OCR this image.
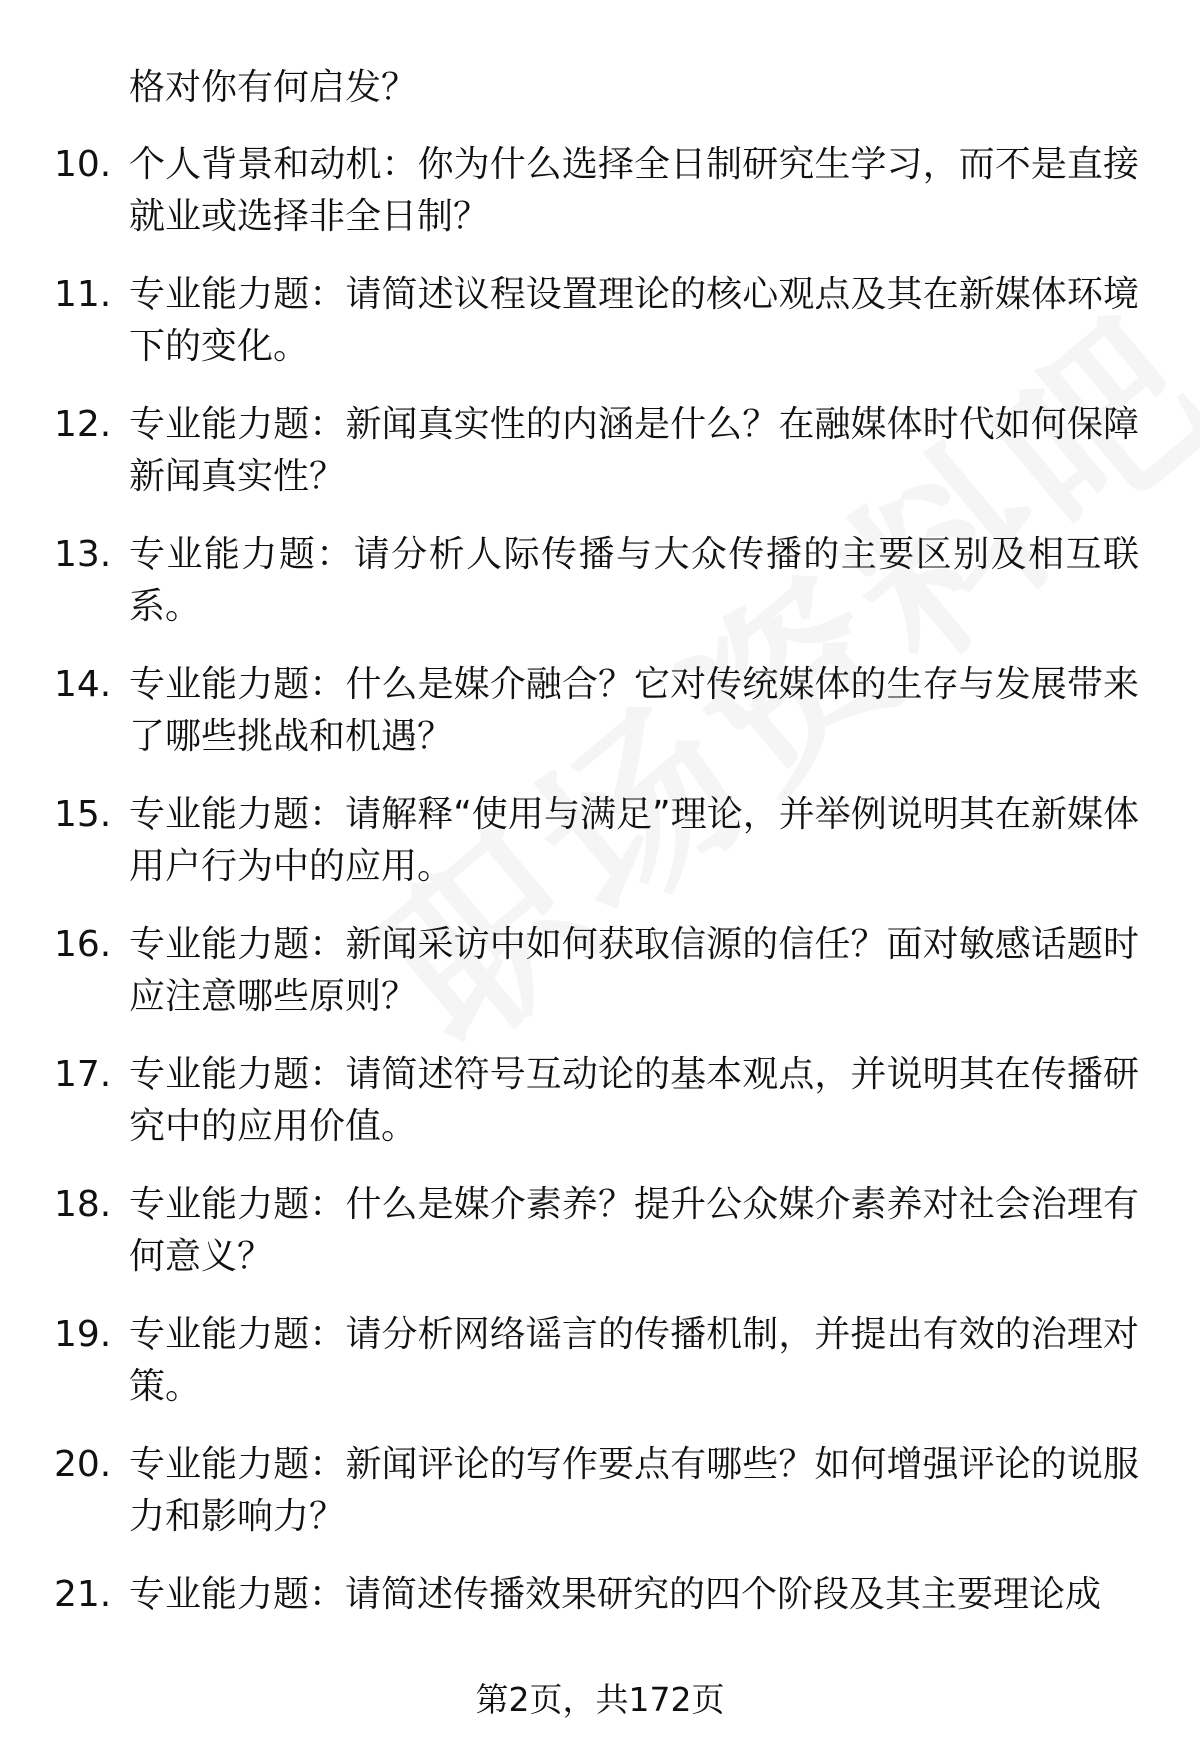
格对你有何启发？
10. 个人背景和动机：你为什么选择全日制研究生学习，而不是直接就业或选择非全日制？
11. 专业能力题：请简述议程设置理论的核心观点及其在新媒体环境下的变化。
12. 专业能力题：新闻真实性的内涵是什么？在融媒体时代如何保障新闻真实性？
13. 专业能力题：请分析人际传播与大众传播的主要区别及相互联系。
14. 专业能力题：什么是媒介融合？它对传统媒体的生存与发展带来了哪些挑战和机遇？
15. 专业能力题：请解释“使用与满足”理论，并举例说明其在新媒体用户行为中的应用。
16. 专业能力题：新闻采访中如何获取信源的信任？面对敏感话题时应注意哪些原则？
17. 专业能力题：请简述符号互动论的基本观点，并说明其在传播研究中的应用价值。
18. 专业能力题：什么是媒介素养？提升公众媒介素养对社会治理有何意义？
19. 专业能力题：请分析网络谣言的传播机制，并提出有效的治理对策。
20. 专业能力题：新闻评论的写作要点有哪些？如何增强评论的说服力和影响力？
21. 专业能力题：请简述传播效果研究的四个阶段及其主要理论成
第2页，共172页
